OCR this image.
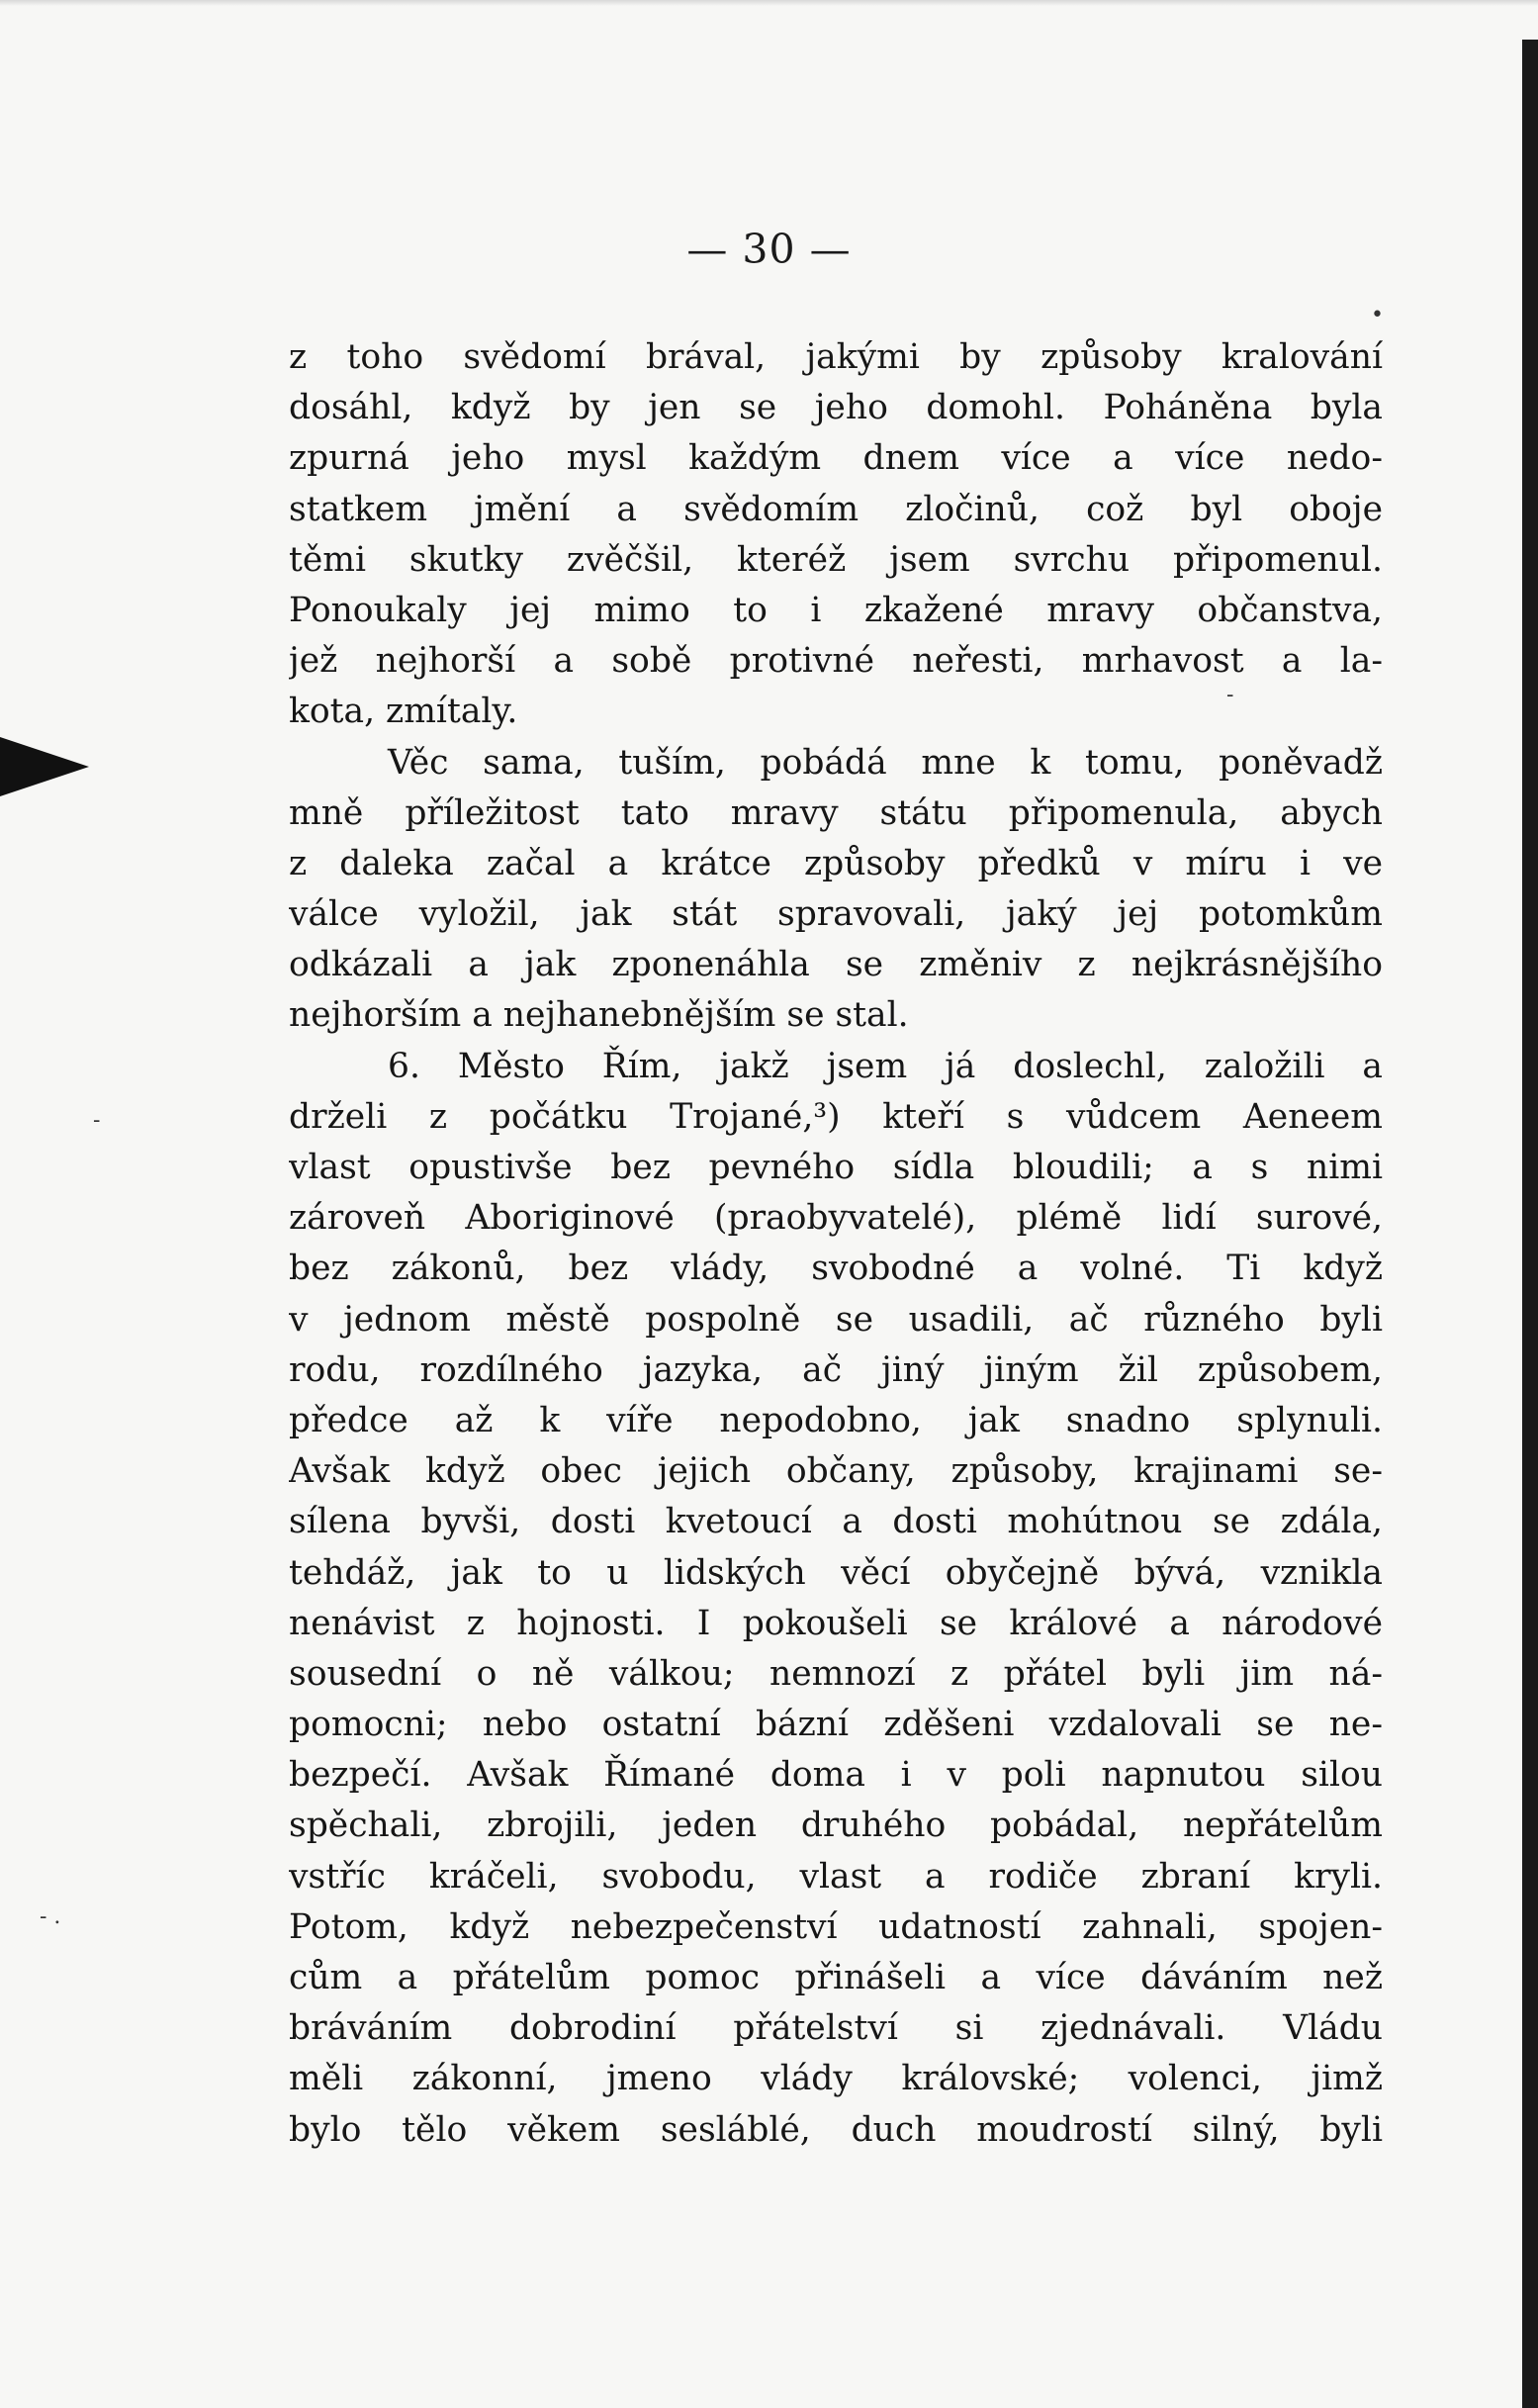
•
-
-
- .
— 30 —
z toho svědomí brával, jakými by způsoby kralování
dosáhl, když by jen se jeho domohl. Poháněna byla
zpurná jeho mysl každým dnem více a více nedo-
statkem jmění a svědomím zločinů, což byl oboje
těmi skutky zvěčšil, kteréž jsem svrchu připomenul.
Ponoukaly jej mimo to i zkažené mravy občanstva,
jež nejhorší a sobě protivné neřesti, mrhavost a la-
kota, zmítaly.
Věc sama, tuším, pobádá mne k tomu, poněvadž
mně příležitost tato mravy státu připomenula, abych
z daleka začal a krátce způsoby předků v míru i ve
válce vyložil, jak stát spravovali, jaký jej potomkům
odkázali a jak zponenáhla se změniv z nejkrásnějšího
nejhorším a nejhanebnějším se stal.
6. Město Řím, jakž jsem já doslechl, založili a
drželi z počátku Trojané,³) kteří s vůdcem Aeneem
vlast opustivše bez pevného sídla bloudili; a s nimi
zároveň Aboriginové (praobyvatelé), plémě lidí surové,
bez zákonů, bez vlády, svobodné a volné. Ti když
v jednom městě pospolně se usadili, ač různého byli
rodu, rozdílného jazyka, ač jiný jiným žil způsobem,
předce až k víře nepodobno, jak snadno splynuli.
Avšak když obec jejich občany, způsoby, krajinami se-
sílena byvši, dosti kvetoucí a dosti mohútnou se zdála,
tehdáž, jak to u lidských věcí obyčejně bývá, vznikla
nenávist z hojnosti. I pokoušeli se králové a národové
sousední o ně válkou; nemnozí z přátel byli jim ná-
pomocni; nebo ostatní bázní zděšeni vzdalovali se ne-
bezpečí. Avšak Římané doma i v poli napnutou silou
spěchali, zbrojili, jeden druhého pobádal, nepřátelům
vstříc kráčeli, svobodu, vlast a rodiče zbraní kryli.
Potom, když nebezpečenství udatností zahnali, spojen-
cům a přátelům pomoc přinášeli a více dáváním než
bráváním dobrodiní přátelství si zjednávali. Vládu
měli zákonní, jmeno vlády královské; volenci, jimž
bylo tělo věkem sesláblé, duch moudrostí silný, byli
